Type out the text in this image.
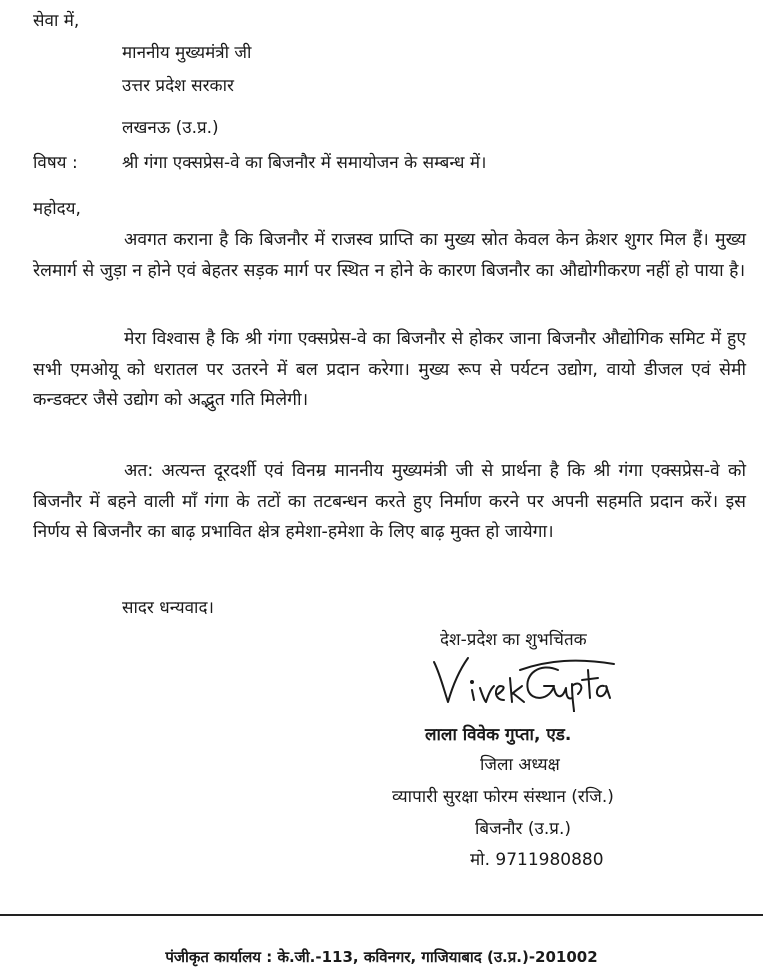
सेवा में,

माननीय मुख्यमंत्री जी

उत्तर प्रदेश सरकार

लखनऊ (उ.प्र.)

विषय :	श्री गंगा एक्सप्रेस-वे का बिजनौर में समायोजन के सम्बन्ध में।

महोदय,

अवगत कराना है कि बिजनौर में राजस्व प्राप्ति का मुख्य स्रोत केवल केन क्रेशर शुगर मिल हैं। मुख्य रेलमार्ग से जुड़ा न होने एवं बेहतर सड़क मार्ग पर स्थित न होने के कारण बिजनौर का औद्योगीकरण नहीं हो पाया है।

मेरा विश्वास है कि श्री गंगा एक्सप्रेस-वे का बिजनौर से होकर जाना बिजनौर औद्योगिक समिट में हुए सभी एमओयू को धरातल पर उतरने में बल प्रदान करेगा। मुख्य रूप से पर्यटन उद्योग, वायो डीजल एवं सेमी कन्डक्टर जैसे उद्योग को अद्भुत गति मिलेगी।

अत: अत्यन्त दूरदर्शी एवं विनम्र माननीय मुख्यमंत्री जी से प्रार्थना है कि श्री गंगा एक्सप्रेस-वे को बिजनौर में बहने वाली माँ गंगा के तटों का तटबन्धन करते हुए निर्माण करने पर अपनी सहमति प्रदान करें। इस निर्णय से बिजनौर का बाढ़ प्रभावित क्षेत्र हमेशा-हमेशा के लिए बाढ़ मुक्त हो जायेगा।

सादर धन्यवाद।

देश-प्रदेश का शुभचिंतक

लाला विवेक गुप्ता, एड.

जिला अध्यक्ष

व्यापारी सुरक्षा फोरम संस्थान (रजि.)

बिजनौर (उ.प्र.)

मो. 9711980880

पंजीकृत कार्यालय : के.जी.-113, कविनगर, गाजियाबाद (उ.प्र.)-201002
